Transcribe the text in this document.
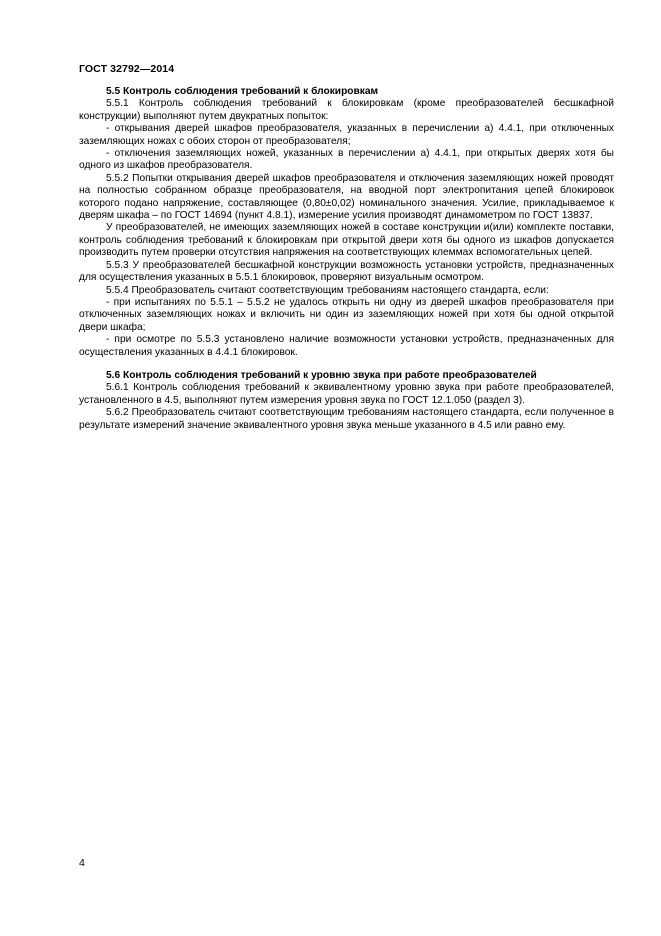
ГОСТ 32792—2014
5.5 Контроль соблюдения требований к блокировкам

5.5.1 Контроль соблюдения требований к блокировкам (кроме преобразователей бесшкафной конструкции) выполняют путем двукратных попыток:

- открывания дверей шкафов преобразователя, указанных в перечислении а) 4.4.1, при отключенных заземляющих ножах с обоих сторон от преобразователя;

- отключения заземляющих ножей, указанных в перечислении а) 4.4.1, при открытых дверях хотя бы одного из шкафов преобразователя.

5.5.2 Попытки открывания дверей шкафов преобразователя и отключения заземляющих ножей проводят на полностью собранном образце преобразователя, на вводной порт электропитания цепей блокировок которого подано напряжение, составляющее (0,80±0,02) номинального значения. Усилие, прикладываемое к дверям шкафа – по ГОСТ 14694 (пункт 4.8.1), измерение усилия производят динамометром по ГОСТ 13837.

У преобразователей, не имеющих заземляющих ножей в составе конструкции и(или) комплекте поставки, контроль соблюдения требований к блокировкам при открытой двери хотя бы одного из шкафов допускается производить путем проверки отсутствия напряжения на соответствующих клеммах вспомогательных цепей.

5.5.3 У преобразователей бесшкафной конструкции возможность установки устройств, предназначенных для осуществления указанных в 5.5.1 блокировок, проверяют визуальным осмотром.

5.5.4 Преобразователь считают соответствующим требованиям настоящего стандарта, если:

- при испытаниях по 5.5.1 – 5.5.2 не удалось открыть ни одну из дверей шкафов преобразователя при отключенных заземляющих ножах и включить ни один из заземляющих ножей при хотя бы одной открытой двери шкафа;

- при осмотре по 5.5.3 установлено наличие возможности установки устройств, предназначенных для осуществления указанных в 4.4.1 блокировок.

5.6 Контроль соблюдения требований к уровню звука при работе преобразователей

5.6.1 Контроль соблюдения требований к эквивалентному уровню звука при работе преобразователей, установленного в 4.5, выполняют путем измерения уровня звука по ГОСТ 12.1.050 (раздел 3).

5.6.2 Преобразователь считают соответствующим требованиям настоящего стандарта, если полученное в результате измерений значение эквивалентного уровня звука меньше указанного в 4.5 или равно ему.

4
